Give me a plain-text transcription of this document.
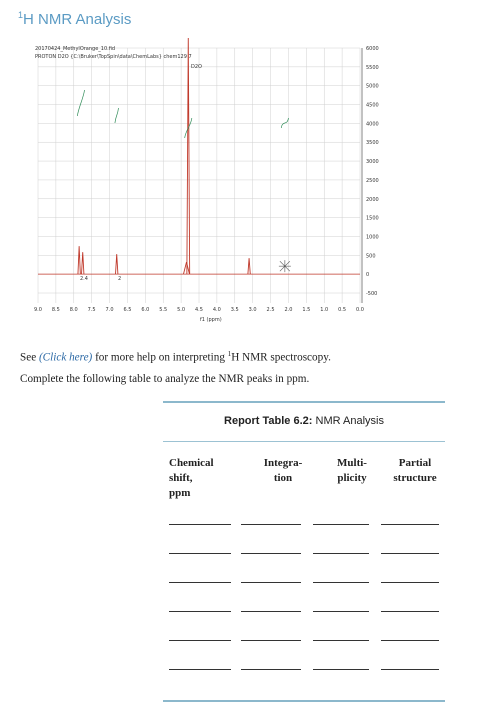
$^1$H NMR Analysis
20170424_MethylOrange_10.fid
PROTON D2O {C:\Bruker\TopSpin\data\ChemLabs} chem129 7
D2O
6000
5500
5000
4500
4000
3500
3000
2500
2000
1500
1000
500
0
-500
9.0 8.5 8.0 7.5 7.0 6.5 6.0 5.5 5.0 4.5 4.0 3.5 3.0 2.5 2.0 1.5 1.0 0.5 0.0
2.4	2
f1 (ppm)
See (Click here) for more help on interpreting $^1$H NMR spectroscopy.
Complete the following table to analyze the NMR peaks in ppm.
Report Table 6.2: NMR Analysis
Chemical
shift,
ppm
Integra-
tion
Multi-
plicity
Partial
structure
